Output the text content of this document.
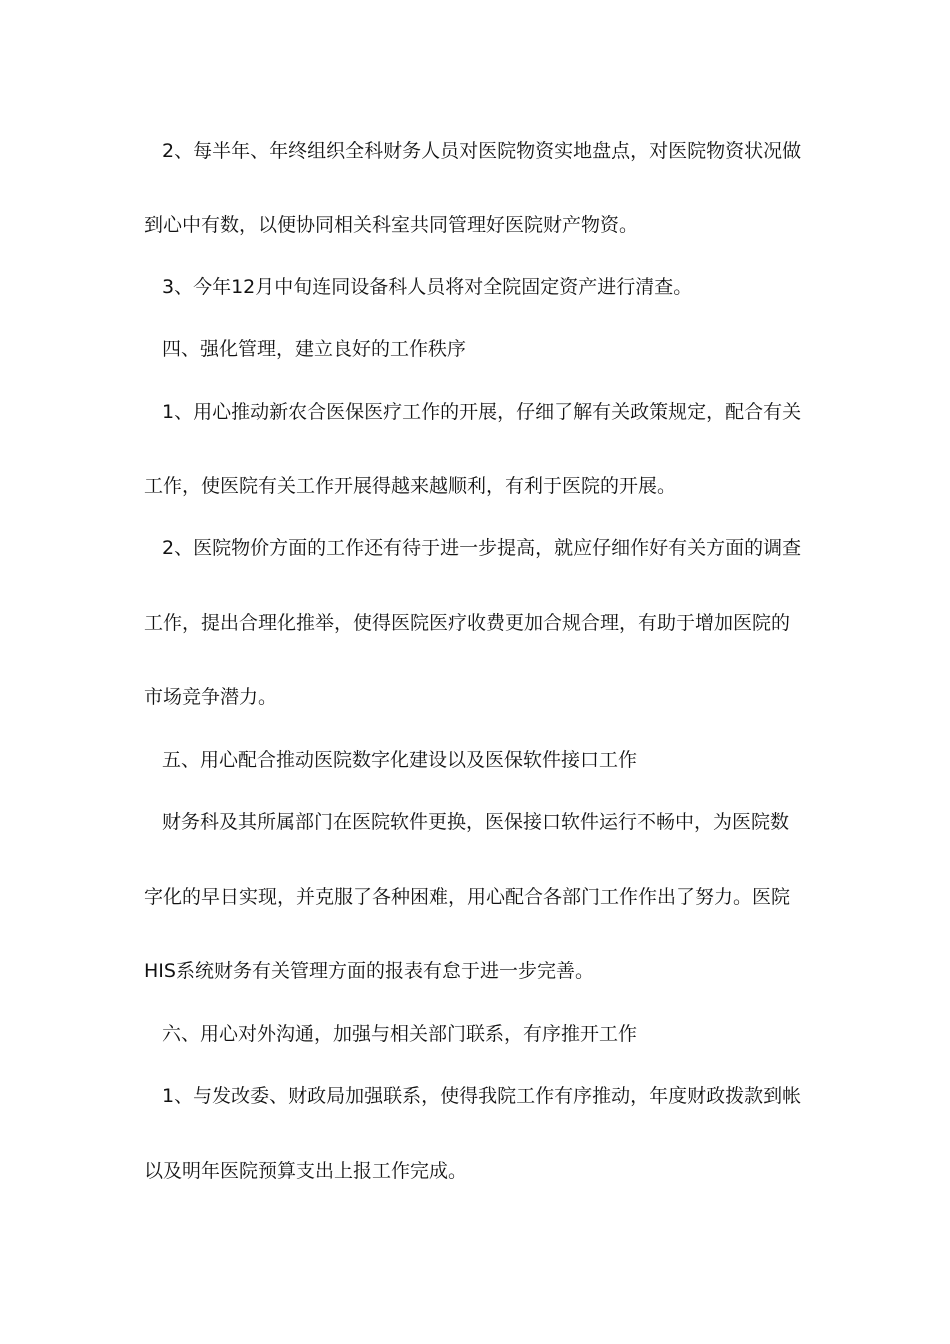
2、每半年、年终组织全科财务人员对医院物资实地盘点，对医院物资状况做
到心中有数，以便协同相关科室共同管理好医院财产物资。
3、今年12月中旬连同设备科人员将对全院固定资产进行清查。
四、强化管理，建立良好的工作秩序
1、用心推动新农合医保医疗工作的开展，仔细了解有关政策规定，配合有关
工作，使医院有关工作开展得越来越顺利，有利于医院的开展。
2、医院物价方面的工作还有待于进一步提高，就应仔细作好有关方面的调查
工作，提出合理化推举，使得医院医疗收费更加合规合理，有助于增加医院的
市场竞争潜力。
五、用心配合推动医院数字化建设以及医保软件接口工作
财务科及其所属部门在医院软件更换，医保接口软件运行不畅中，为医院数
字化的早日实现，并克服了各种困难，用心配合各部门工作作出了努力。医院
HIS系统财务有关管理方面的报表有怠于进一步完善。
六、用心对外沟通，加强与相关部门联系，有序推开工作
1、与发改委、财政局加强联系，使得我院工作有序推动，年度财政拨款到帐
以及明年医院预算支出上报工作完成。
